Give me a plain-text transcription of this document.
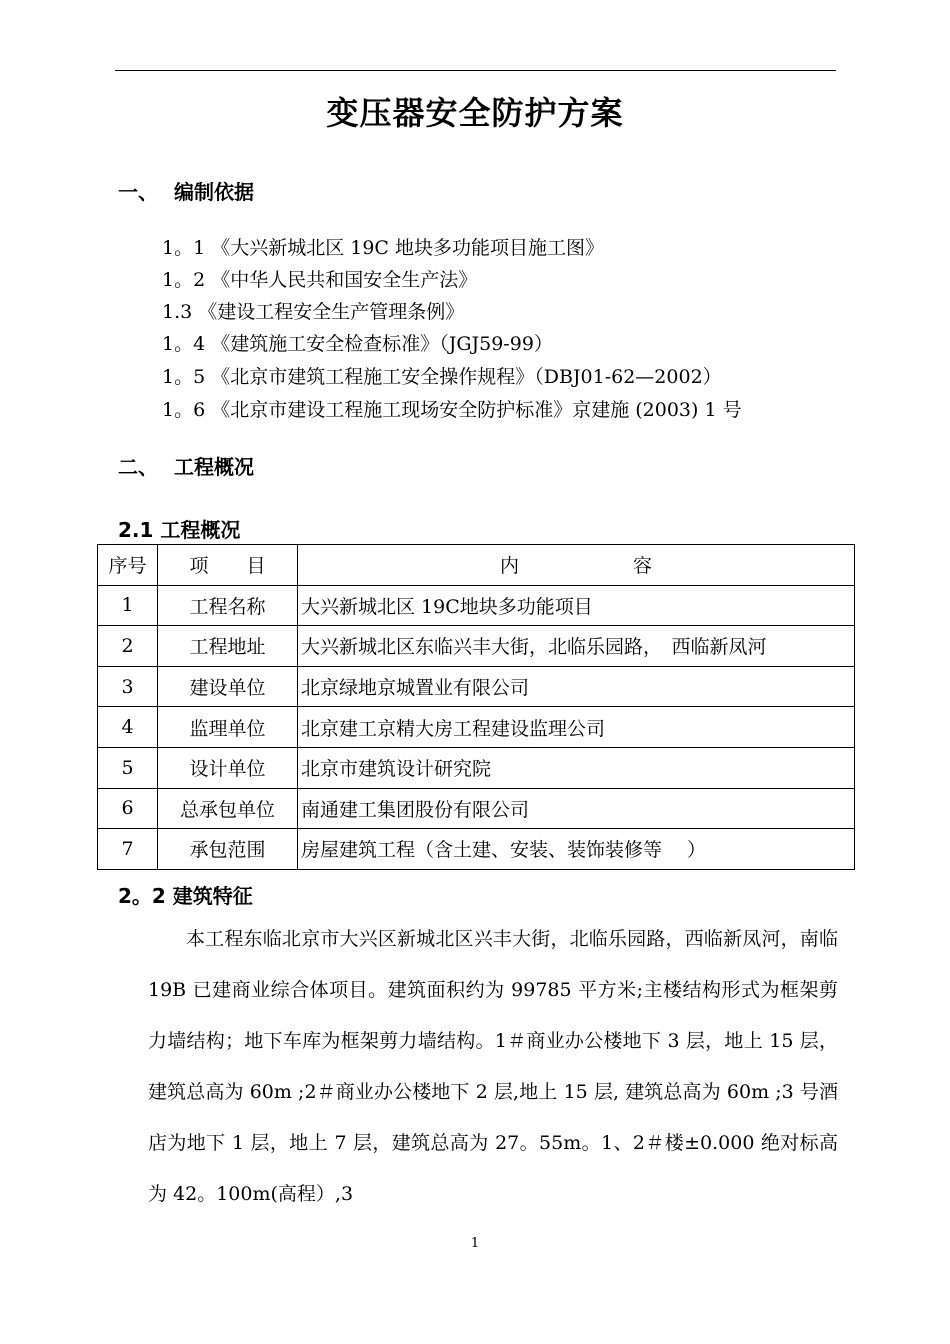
变压器安全防护方案
一、 编制依据
1。1 《大兴新城北区 19C 地块多功能项目施工图》
1。2 《中华人民共和国安全生产法》
1.3 《建设工程安全生产管理条例》
1。4 《建筑施工安全检查标准》（JGJ59-99）
1。5 《北京市建筑工程施工安全操作规程》（DBJ01-62—2002）
1。6 《北京市建设工程施工现场安全防护标准》京建施 (2003) 1 号
二、 工程概况
2.1 工程概况
序号	项　　目	内　　　　　　容
1	工程名称	大兴新城北区 19C地块多功能项目
2	工程地址	大兴新城北区东临兴丰大街，北临乐园路，　西临新凤河
3	建设单位	北京绿地京城置业有限公司
4	监理单位	北京建工京精大房工程建设监理公司
5	设计单位	北京市建筑设计研究院
6	总承包单位	南通建工集团股份有限公司
7	承包范围	房屋建筑工程（含土建、安装、装饰装修等　 ）
2。2 建筑特征

本工程东临北京市大兴区新城北区兴丰大街，北临乐园路，西临新凤河，南临 19B 已建商业综合体项目。建筑面积约为 99785 平方米;主楼结构形式为框架剪力墙结构；地下车库为框架剪力墙结构。1＃商业办公楼地下 3 层，地上 15 层，建筑总高为 60m ;2＃商业办公楼地下 2 层,地上 15 层, 建筑总高为 60m ;3 号酒店为地下 1 层，地上 7 层，建筑总高为 27。55m。1、2＃楼±0.000 绝对标高为 42。100m(高程）,3

1
